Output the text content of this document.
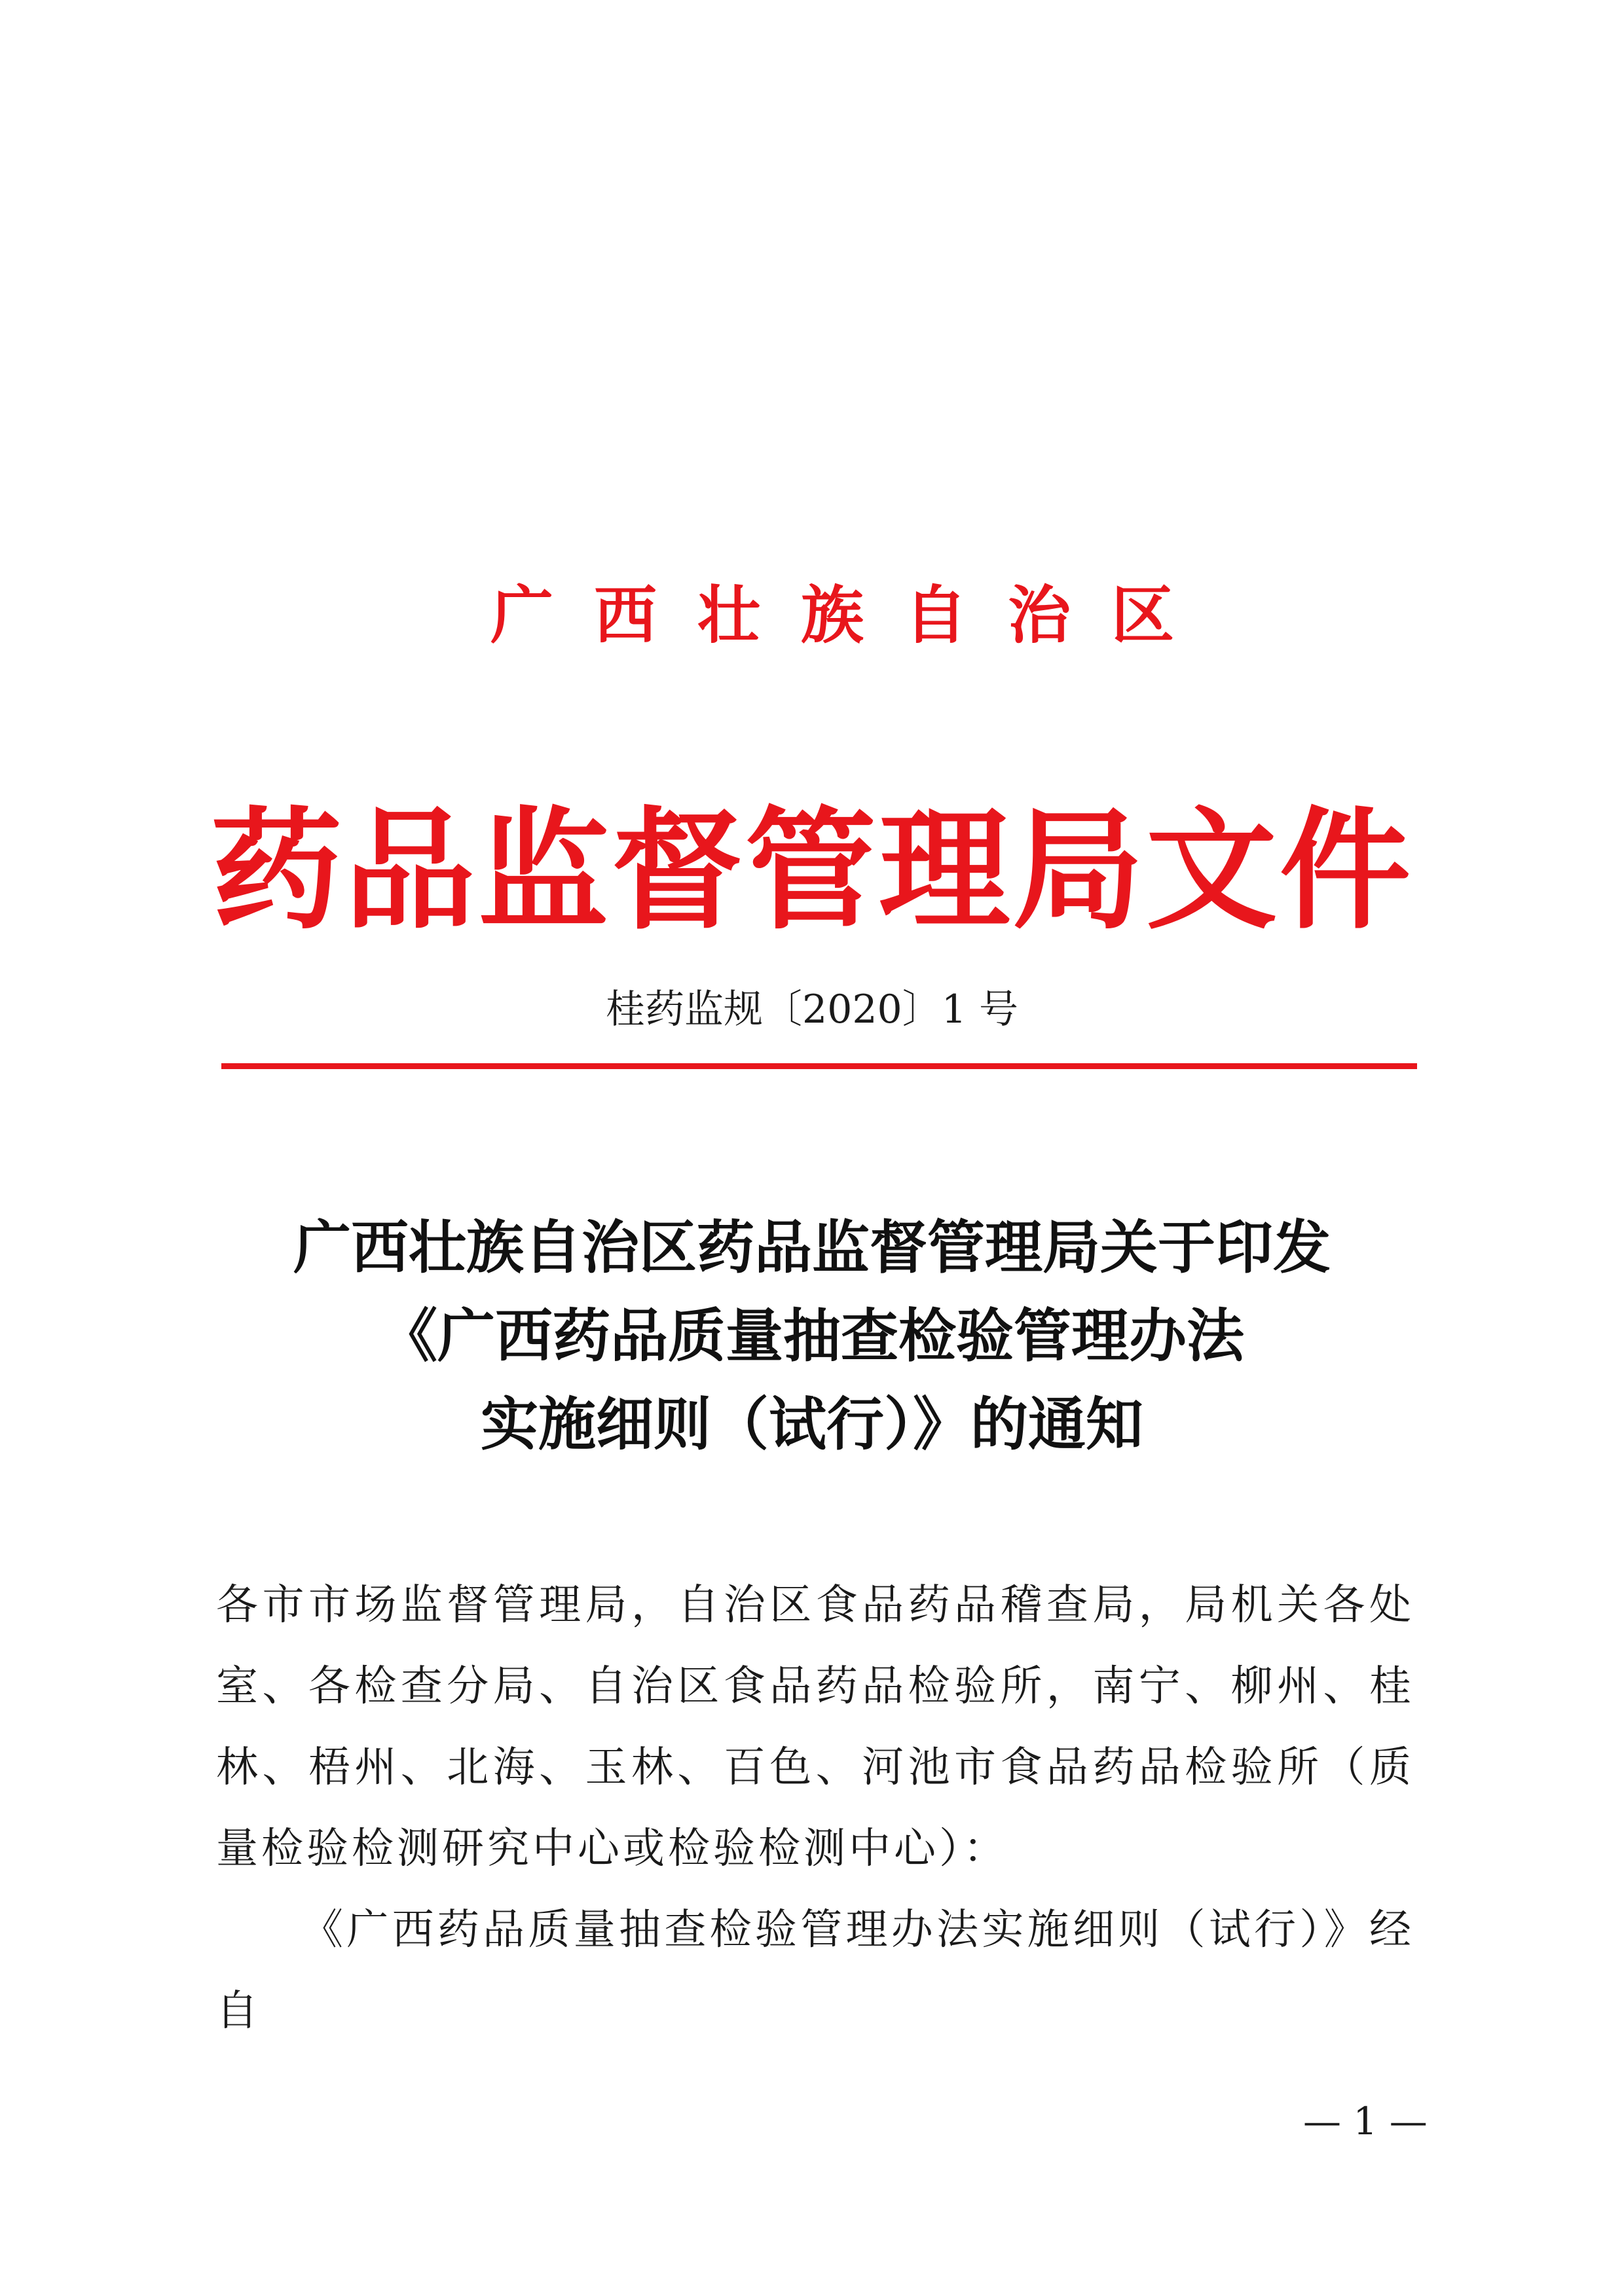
广西壮族自治区
药品监督管理局文件
桂药监规〔2020〕1 号
广西壮族自治区药品监督管理局关于印发
《广西药品质量抽查检验管理办法
实施细则（试行）》的通知

各市市场监督管理局，自治区食品药品稽查局，局机关各处室、各检查分局、自治区食品药品检验所，南宁、柳州、桂林、梧州、北海、玉林、百色、河池市食品药品检验所（质量检验检测研究中心或检验检测中心）：

《广西药品质量抽查检验管理办法实施细则（试行）》经自

— 1 —
